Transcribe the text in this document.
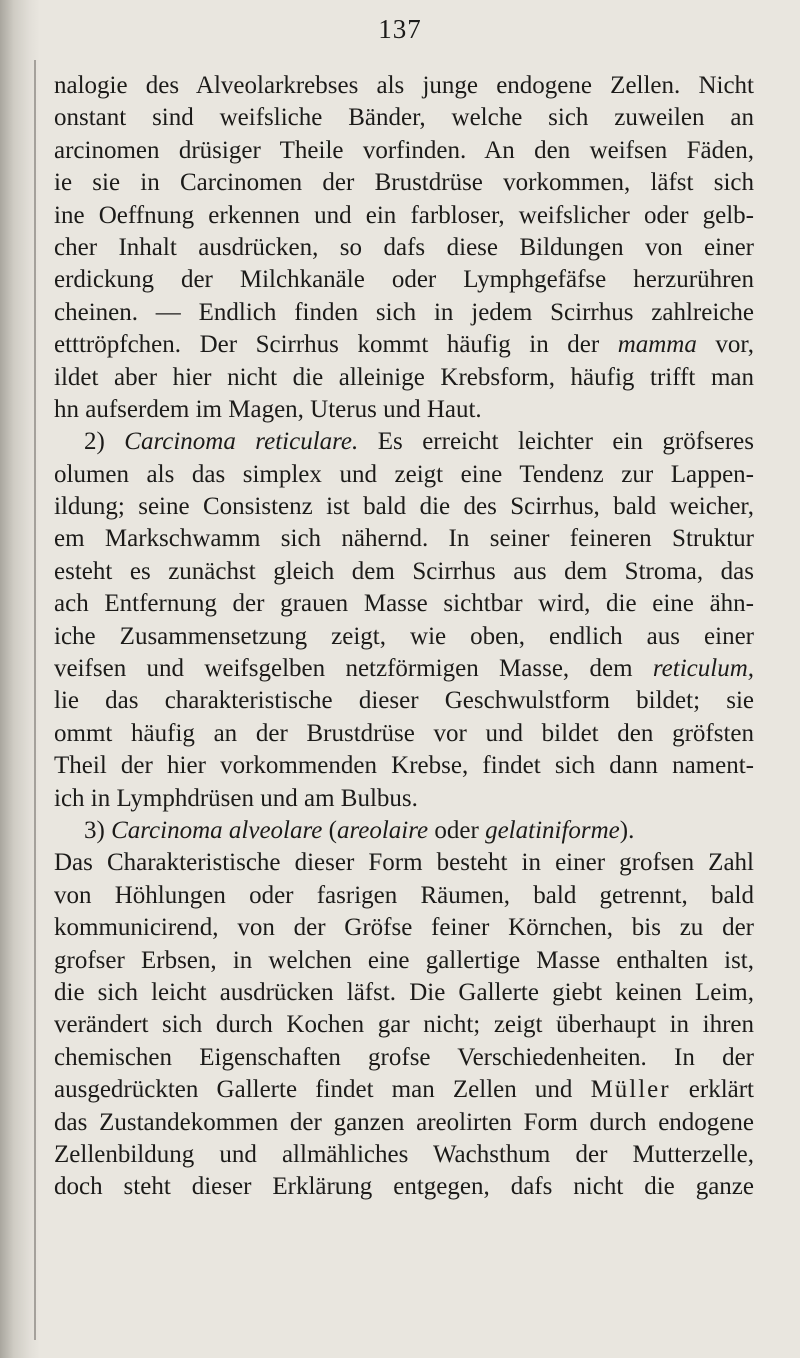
137
nalogie des Alveolarkrebses als junge endogene Zellen. Nicht
onstant sind weifsliche Bänder, welche sich zuweilen an
arcinomen drüsiger Theile vorfinden. An den weifsen Fäden,
ie sie in Carcinomen der Brustdrüse vorkommen, läfst sich
ine Oeffnung erkennen und ein farbloser, weifslicher oder gelb-
cher Inhalt ausdrücken, so dafs diese Bildungen von einer
erdickung der Milchkanäle oder Lymphgefäfse herzurühren
cheinen. — Endlich finden sich in jedem Scirrhus zahlreiche
etttröpfchen. Der Scirrhus kommt häufig in der mamma vor,
ildet aber hier nicht die alleinige Krebsform, häufig trifft man
hn aufserdem im Magen, Uterus und Haut.
2) Carcinoma reticulare. Es erreicht leichter ein gröfseres
olumen als das simplex und zeigt eine Tendenz zur Lappen-
ildung; seine Consistenz ist bald die des Scirrhus, bald weicher,
em Markschwamm sich nähernd. In seiner feineren Struktur
esteht es zunächst gleich dem Scirrhus aus dem Stroma, das
ach Entfernung der grauen Masse sichtbar wird, die eine ähn-
iche Zusammensetzung zeigt, wie oben, endlich aus einer
veifsen und weifsgelben netzförmigen Masse, dem reticulum,
lie das charakteristische dieser Geschwulstform bildet; sie
ommt häufig an der Brustdrüse vor und bildet den gröfsten
Theil der hier vorkommenden Krebse, findet sich dann nament-
ich in Lymphdrüsen und am Bulbus.
3) Carcinoma alveolare (areolaire oder gelatiniforme).
Das Charakteristische dieser Form besteht in einer grofsen Zahl
von Höhlungen oder fasrigen Räumen, bald getrennt, bald
kommunicirend, von der Gröfse feiner Körnchen, bis zu der
grofser Erbsen, in welchen eine gallertige Masse enthalten ist,
die sich leicht ausdrücken läfst. Die Gallerte giebt keinen Leim,
verändert sich durch Kochen gar nicht; zeigt überhaupt in ihren
chemischen Eigenschaften grofse Verschiedenheiten. In der
ausgedrückten Gallerte findet man Zellen und Müller erklärt
das Zustandekommen der ganzen areolirten Form durch endogene
Zellenbildung und allmähliches Wachsthum der Mutterzelle,
doch steht dieser Erklärung entgegen, dafs nicht die ganze
